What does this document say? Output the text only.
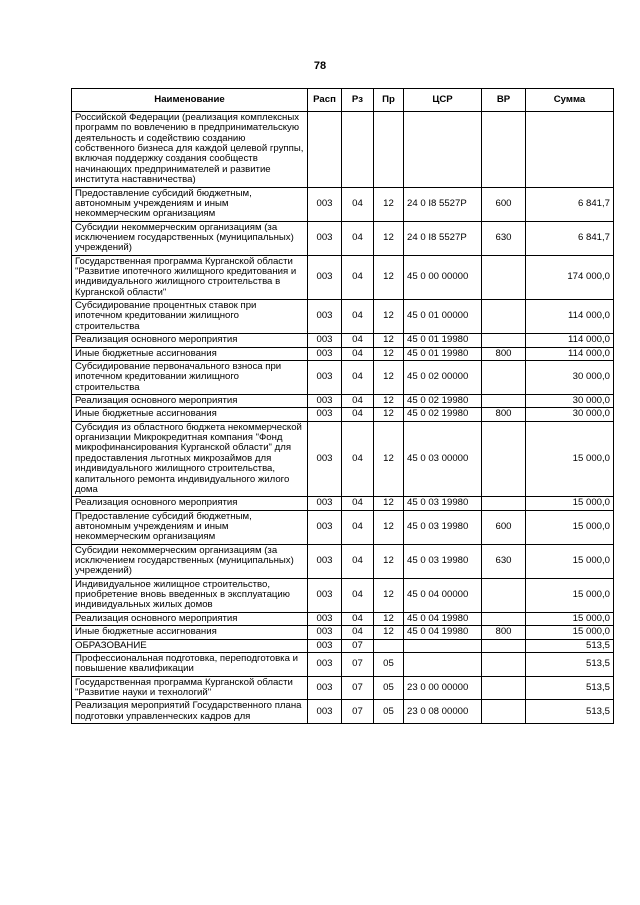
78
Наименование	Расп	Рз	Пр	ЦСР	ВР	Сумма
Российской Федерации (реализация комплексных программ по вовлечению в предпринимательскую деятельность и содействию созданию собственного бизнеса для каждой целевой группы, включая поддержку создания сообществ начинающих предпринимателей и развитие института наставничества)						
Предоставление субсидий бюджетным, автономным учреждениям и иным некоммерческим организациям	003	04	12	24 0 I8 5527P	600	6 841,7
Субсидии некоммерческим организациям (за исключением государственных (муниципальных) учреждений)	003	04	12	24 0 I8 5527P	630	6 841,7
Государственная программа Курганской области "Развитие ипотечного жилищного кредитования и индивидуального жилищного строительства в Курганской области"	003	04	12	45 0 00 00000		174 000,0
Субсидирование процентных ставок при ипотечном кредитовании жилищного строительства	003	04	12	45 0 01 00000		114 000,0
Реализация основного мероприятия	003	04	12	45 0 01 19980		114 000,0
Иные бюджетные ассигнования	003	04	12	45 0 01 19980	800	114 000,0
Субсидирование первоначального взноса при ипотечном кредитовании жилищного строительства	003	04	12	45 0 02 00000		30 000,0
Реализация основного мероприятия	003	04	12	45 0 02 19980		30 000,0
Иные бюджетные ассигнования	003	04	12	45 0 02 19980	800	30 000,0
Субсидия из областного бюджета некоммерческой организации Микрокредитная компания "Фонд микрофинансирования Курганской области" для предоставления льготных микрозаймов для индивидуального жилищного строительства, капитального ремонта индивидуального жилого дома	003	04	12	45 0 03 00000		15 000,0
Реализация основного мероприятия	003	04	12	45 0 03 19980		15 000,0
Предоставление субсидий бюджетным, автономным учреждениям и иным некоммерческим организациям	003	04	12	45 0 03 19980	600	15 000,0
Субсидии некоммерческим организациям (за исключением государственных (муниципальных) учреждений)	003	04	12	45 0 03 19980	630	15 000,0
Индивидуальное жилищное строительство, приобретение вновь введенных в эксплуатацию индивидуальных жилых домов	003	04	12	45 0 04 00000		15 000,0
Реализация основного мероприятия	003	04	12	45 0 04 19980		15 000,0
Иные бюджетные ассигнования	003	04	12	45 0 04 19980	800	15 000,0
ОБРАЗОВАНИЕ	003	07				513,5
Профессиональная подготовка, переподготовка и повышение квалификации	003	07	05			513,5
Государственная программа Курганской области "Развитие науки и технологий"	003	07	05	23 0 00 00000		513,5
Реализация мероприятий Государственного плана подготовки управленческих кадров для	003	07	05	23 0 08 00000		513,5
